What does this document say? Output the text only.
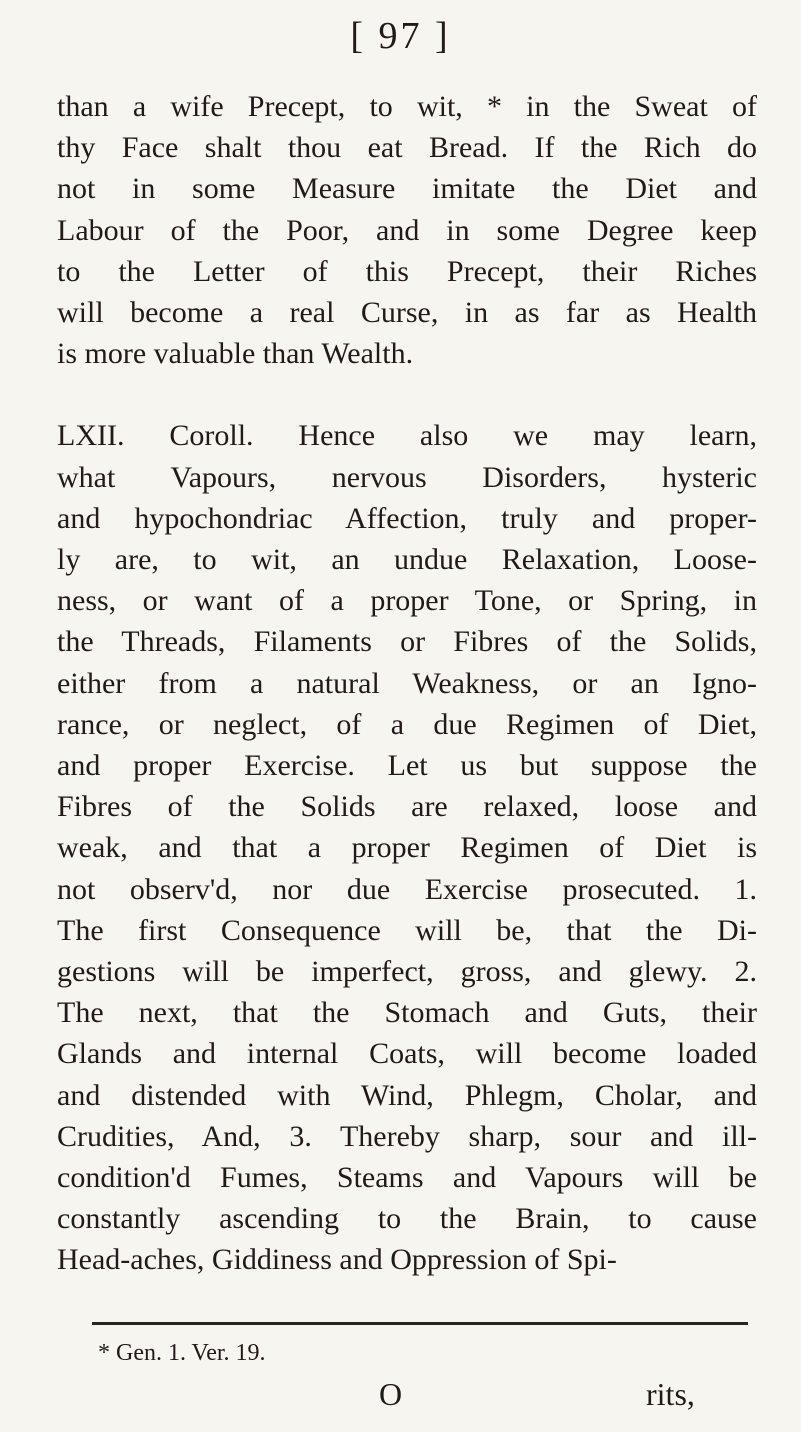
[ 97 ]
than a wife Precept, to wit, * in the Sweat of
thy Face shalt thou eat Bread. If the Rich do
not in some Measure imitate the Diet and
Labour of the Poor, and in some Degree keep
to the Letter of this Precept, their Riches
will become a real Curse, in as far as Health
is more valuable than Wealth.
LXII. Coroll. Hence also we may learn,
what Vapours, nervous Disorders, hysteric
and hypochondriac Affection, truly and proper-
ly are, to wit, an undue Relaxation, Loose-
ness, or want of a proper Tone, or Spring, in
the Threads, Filaments or Fibres of the Solids,
either from a natural Weakness, or an Igno-
rance, or neglect, of a due Regimen of Diet,
and proper Exercise. Let us but suppose the
Fibres of the Solids are relaxed, loose and
weak, and that a proper Regimen of Diet is
not observ'd, nor due Exercise prosecuted. 1.
The first Consequence will be, that the Di-
gestions will be imperfect, gross, and glewy. 2.
The next, that the Stomach and Guts, their
Glands and internal Coats, will become loaded
and distended with Wind, Phlegm, Cholar, and
Crudities, And, 3. Thereby sharp, sour and ill-
condition'd Fumes, Steams and Vapours will be
constantly ascending to the Brain, to cause
Head-aches, Giddiness and Oppression of Spi-
* Gen. 1. Ver. 19.
O	rits,
